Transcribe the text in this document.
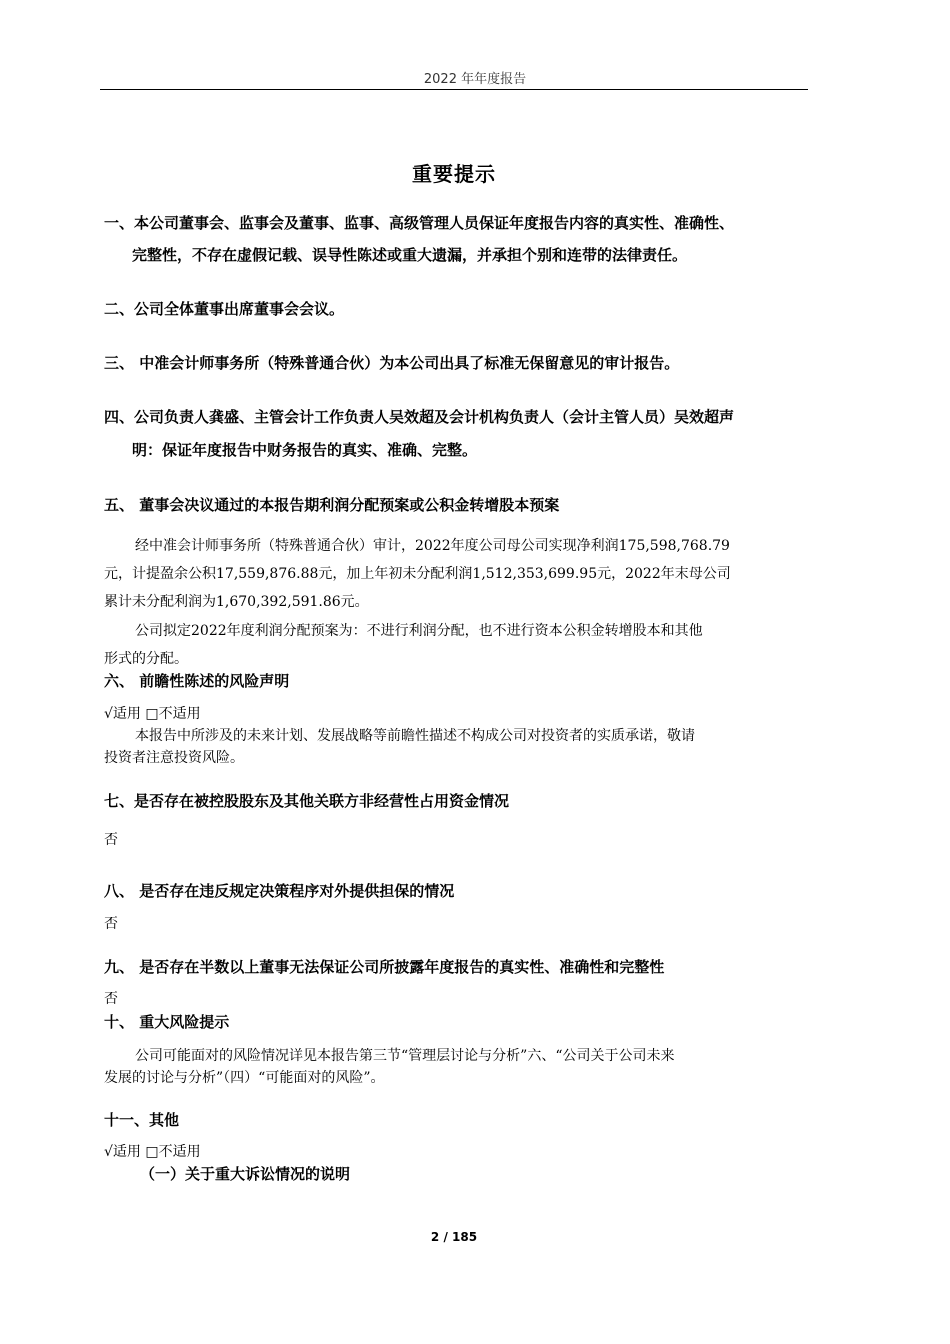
2022 年年度报告
重要提示
一、本公司董事会、监事会及董事、监事、高级管理人员保证年度报告内容的真实性、准确性、
完整性，不存在虚假记载、误导性陈述或重大遗漏，并承担个别和连带的法律责任。
二、公司全体董事出席董事会会议。
三、 中准会计师事务所（特殊普通合伙）为本公司出具了标准无保留意见的审计报告。
四、公司负责人龚盛、主管会计工作负责人吴效超及会计机构负责人（会计主管人员）吴效超声
明：保证年度报告中财务报告的真实、准确、完整。
五、 董事会决议通过的本报告期利润分配预案或公积金转增股本预案
经中准会计师事务所（特殊普通合伙）审计，2022年度公司母公司实现净利润175,598,768.79
元，计提盈余公积17,559,876.88元，加上年初未分配利润1,512,353,699.95元，2022年末母公司
累计未分配利润为1,670,392,591.86元。
公司拟定2022年度利润分配预案为：不进行利润分配，也不进行资本公积金转增股本和其他
形式的分配。
六、 前瞻性陈述的风险声明
√适用 □不适用
本报告中所涉及的未来计划、发展战略等前瞻性描述不构成公司对投资者的实质承诺，敬请
投资者注意投资风险。
七、是否存在被控股股东及其他关联方非经营性占用资金情况
否
八、 是否存在违反规定决策程序对外提供担保的情况
否
九、 是否存在半数以上董事无法保证公司所披露年度报告的真实性、准确性和完整性
否
十、 重大风险提示
公司可能面对的风险情况详见本报告第三节“管理层讨论与分析”六、“公司关于公司未来
发展的讨论与分析”（四）“可能面对的风险”。
十一、其他
√适用 □不适用
（一）关于重大诉讼情况的说明
2 / 185
